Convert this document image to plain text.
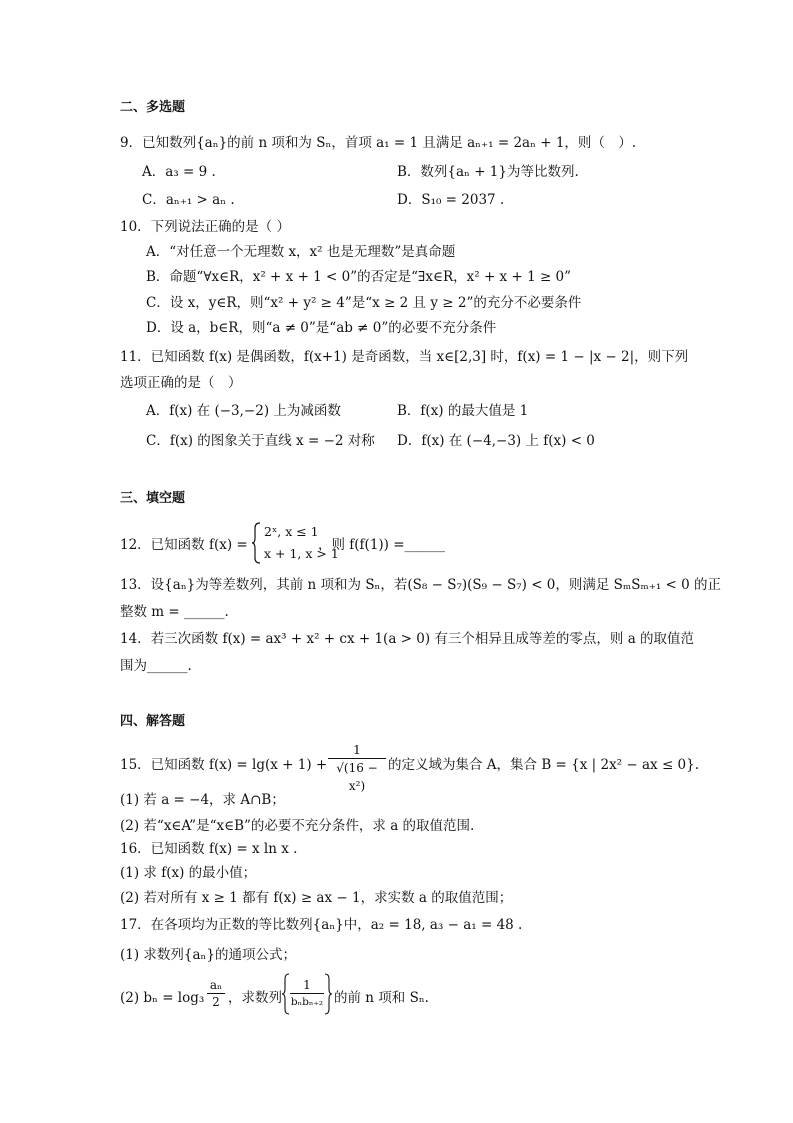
二、多选题
9．已知数列{aₙ}的前 n 项和为 Sₙ，首项 a₁ = 1 且满足 aₙ₊₁ = 2aₙ + 1，则（　）.
A．a₃ = 9 .	B．数列{aₙ + 1}为等比数列.
C．aₙ₊₁ > aₙ .	D．S₁₀ = 2037 .
10．下列说法正确的是（ ）
A．“对任意一个无理数 x，x² 也是无理数”是真命题
B．命题“∀x∈R，x² + x + 1 < 0”的否定是“∃x∈R，x² + x + 1 ≥ 0”
C．设 x，y∈R，则“x² + y² ≥ 4”是“x ≥ 2 且 y ≥ 2”的充分不必要条件
D．设 a，b∈R，则“a ≠ 0”是“ab ≠ 0”的必要不充分条件
11．已知函数 f(x) 是偶函数，f(x+1) 是奇函数，当 x∈[2,3] 时，f(x) = 1 − |x − 2|，则下列
选项正确的是（　）
A．f(x) 在 (−3,−2) 上为减函数	B．f(x) 的最大值是 1
C．f(x) 的图象关于直线 x = −2 对称 D．f(x) 在 (−4,−3) 上 f(x) < 0
三、填空题
12．已知函数 f(x) =
2ˣ, x ≤ 1
x + 1, x > 1
，则 f(f(1)) =______
13．设{aₙ}为等差数列，其前 n 项和为 Sₙ，若(S₈ − S₇)(S₉ − S₇) < 0，则满足 SₘSₘ₊₁ < 0 的正
整数 m = ______.
14．若三次函数 f(x) = ax³ + x² + cx + 1(a > 0) 有三个相异且成等差的零点，则 a 的取值范
围为______.
四、解答题
15．已知函数 $f(x) = \lg(x + 1) + \frac{1}{\text{√(16 − x²)}}$ 的定义域为集合 A，集合 B = {x | 2x² − ax ≤ 0}.
(1) 若 a = −4，求 A∩B；
(2) 若“x∈A”是“x∈B”的必要不充分条件，求 a 的取值范围.
16．已知函数 f(x) = x ln x .
(1) 求 f(x) 的最小值；
(2) 若对所有 x ≥ 1 都有 f(x) ≥ ax − 1，求实数 a 的取值范围；
17．在各项均为正数的等比数列{aₙ}中，a₂ = 18, a₃ − a₁ = 48 .
(1) 求数列{aₙ}的通项公式；
(2) $b_n = \log_3 \frac{\text{aₙ}}{2}$ ，求数列
1
bₙbₙ₊₂ 的前 n 项和 Sₙ.
